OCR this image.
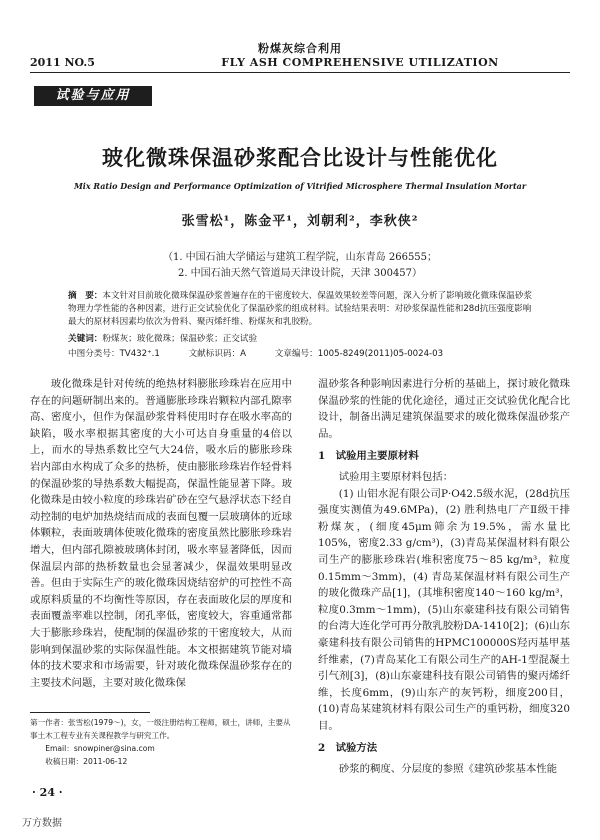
粉煤灰综合利用
2011 NO.5	FLY ASH COMPREHENSIVE UTILIZATION
试验与应用
玻化微珠保温砂浆配合比设计与性能优化
Mix Ratio Design and Performance Optimization of Vitrified Microsphere Thermal Insulation Mortar
张雪松¹，陈金平¹，刘朝利²，李秋侠²
（1. 中国石油大学储运与建筑工程学院，山东青岛 266555；
2. 中国石油天然气管道局天津设计院，天津 300457）
摘　要：本文针对目前玻化微珠保温砂浆普遍存在的干密度较大、保温效果较差等问题，深入分析了影响玻化微珠保温砂浆物理力学性能的各种因素，进行正交试验优化了保温砂浆的组成材料。试验结果表明：对砂浆保温性能和28d抗压强度影响最大的原材料因素均依次为骨料、聚丙烯纤维、粉煤灰和乳胶粉。
关键词：粉煤灰；玻化微珠；保温砂浆；正交试验
中图分类号：TV432⁺.1	文献标识码：A	文章编号：1005-8249(2011)05-0024-03

玻化微珠是针对传统的绝热材料膨胀珍珠岩在应用中存在的问题研制出来的。普通膨胀珍珠岩颗粒内部孔隙率高、密度小，但作为保温砂浆骨料使用时存在吸水率高的缺陷，吸水率根据其密度的大小可达自身重量的4倍以上，而水的导热系数比空气大24倍，吸水后的膨胀珍珠岩内部由水构成了众多的热桥，使由膨胀珍珠岩作轻骨料的保温砂浆的导热系数大幅提高，保温性能显著下降。玻化微珠是由较小粒度的珍珠岩矿砂在空气悬浮状态下经自动控制的电炉加热烧结而成的表面包覆一层玻璃体的近球体颗粒，表面玻璃体使玻化微珠的密度虽然比膨胀珍珠岩增大，但内部孔隙被玻璃体封闭，吸水率显著降低，因而保温层内部的热桥数量也会显著减少，保温效果明显改善。但由于实际生产的玻化微珠因烧结窑炉的可控性不高或原料质量的不均衡性等原因，存在表面玻化层的厚度和表面覆盖率难以控制，闭孔率低，密度较大，容重通常都大于膨胀珍珠岩，使配制的保温砂浆的干密度较大，从而影响到保温砂浆的实际保温性能。本文根据建筑节能对墙体的技术要求和市场需要，针对玻化微珠保温砂浆存在的主要技术问题，主要对玻化微珠保

温砂浆各种影响因素进行分析的基础上，探讨玻化微珠保温砂浆的性能的优化途径，通过正交试验优化配合比设计，制备出满足建筑保温要求的玻化微珠保温砂浆产品。

1　试验用主要原材料

试验用主要原材料包括：

(1) 山铝水泥有限公司P·O42.5级水泥，(28d抗压强度实测值为49.6MPa)，(2) 胜利热电厂产Ⅱ级干排粉煤灰，(细度45μm筛余为19.5%，需水量比105%，密度2.33 g/cm³)，(3)青岛某保温材料有限公司生产的膨胀珍珠岩(堆积密度75～85 kg/m³，粒度0.15mm～3mm)，(4) 青岛某保温材料有限公司生产的玻化微珠产品[1]，(其堆积密度140～160 kg/m³，粒度0.3mm～1mm)，(5)山东豪建科技有限公司销售的台湾大连化学可再分散乳胶粉DA-1410[2]；(6)山东豪建科技有限公司销售的HPMC100000S羟丙基甲基纤维素，(7)青岛某化工有限公司生产的AH-1型混凝土引气剂[3]，(8)山东豪建科技有限公司销售的聚丙烯纤维，长度6mm，(9)山东产的灰钙粉，细度200目，(10)青岛某建筑材料有限公司生产的重钙粉，细度320目。

2　试验方法

砂浆的稠度、分层度的参照《建筑砂浆基本性能

第一作者：张雪松(1979～)，女，一级注册结构工程师，硕士，讲师，主要从事土木工程专业有关课程教学与研究工作。

Email：snowpiner@sina.com

收稿日期：2011-06-12

· 24 ·
万方数据
